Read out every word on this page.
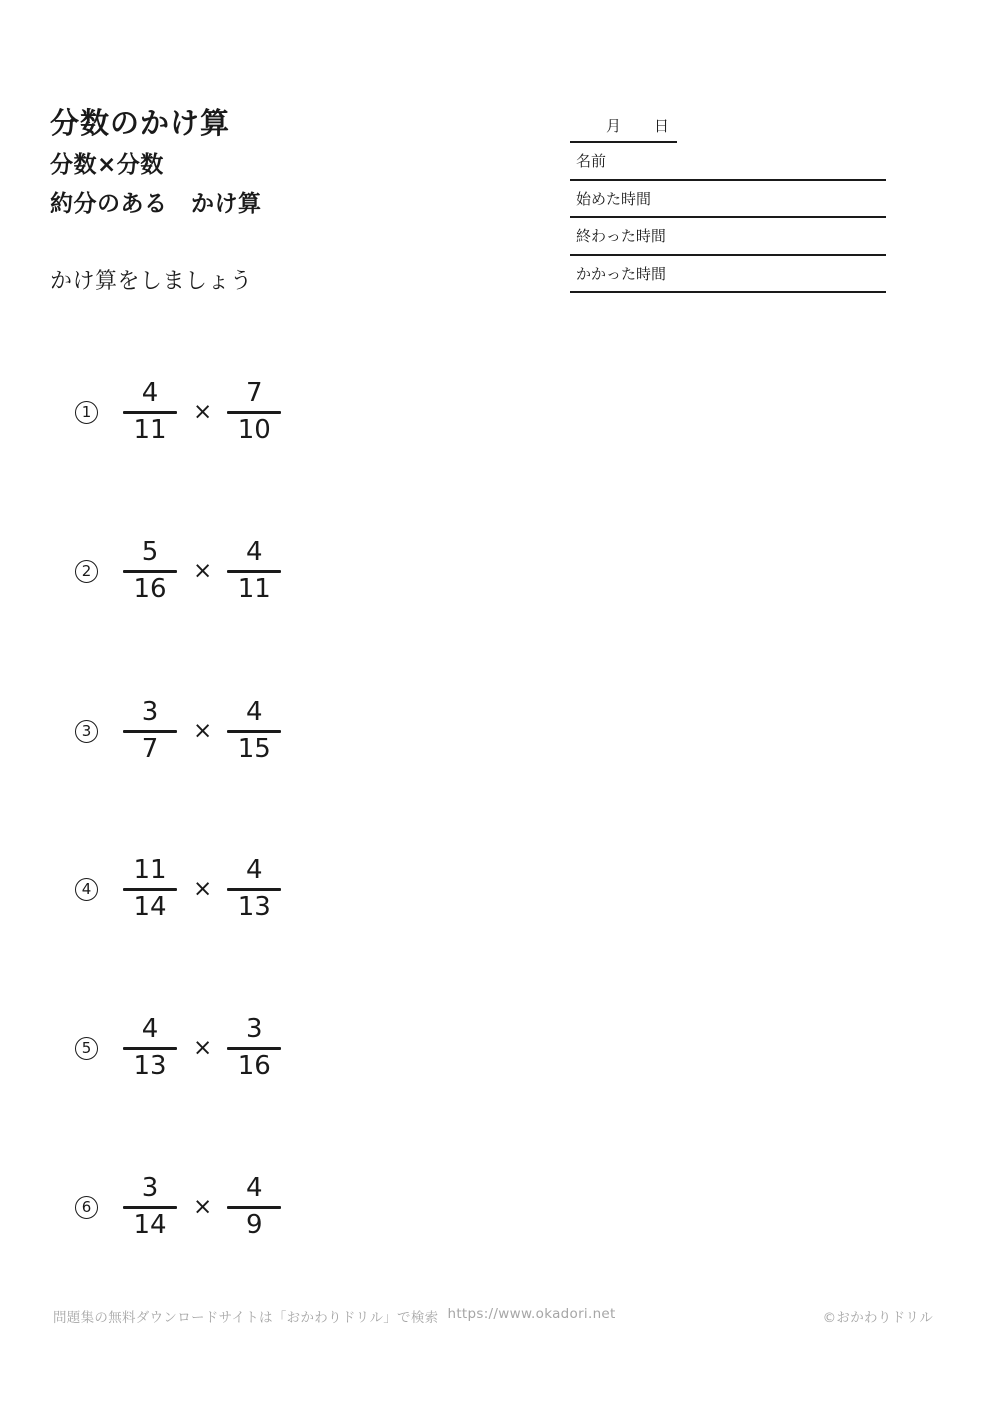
分数のかけ算
分数×分数
約分のある　かけ算
かけ算をしましょう
月 日
名前
始めた時間
終わった時間
かかった時間
$1 \frac{4}{11} \times \frac{7}{10}$
$2 \frac{5}{16} \times \frac{4}{11}$
$3 \frac{3}{7} \times \frac{4}{15}$
$4 \frac{11}{14} \times \frac{4}{13}$
$5 \frac{4}{13} \times \frac{3}{16}$
$6 \frac{3}{14} \times \frac{4}{9}$
問題集の無料ダウンロードサイトは「おかわりドリル」で検索 https://www.okadori.net	©おかわりドリル
